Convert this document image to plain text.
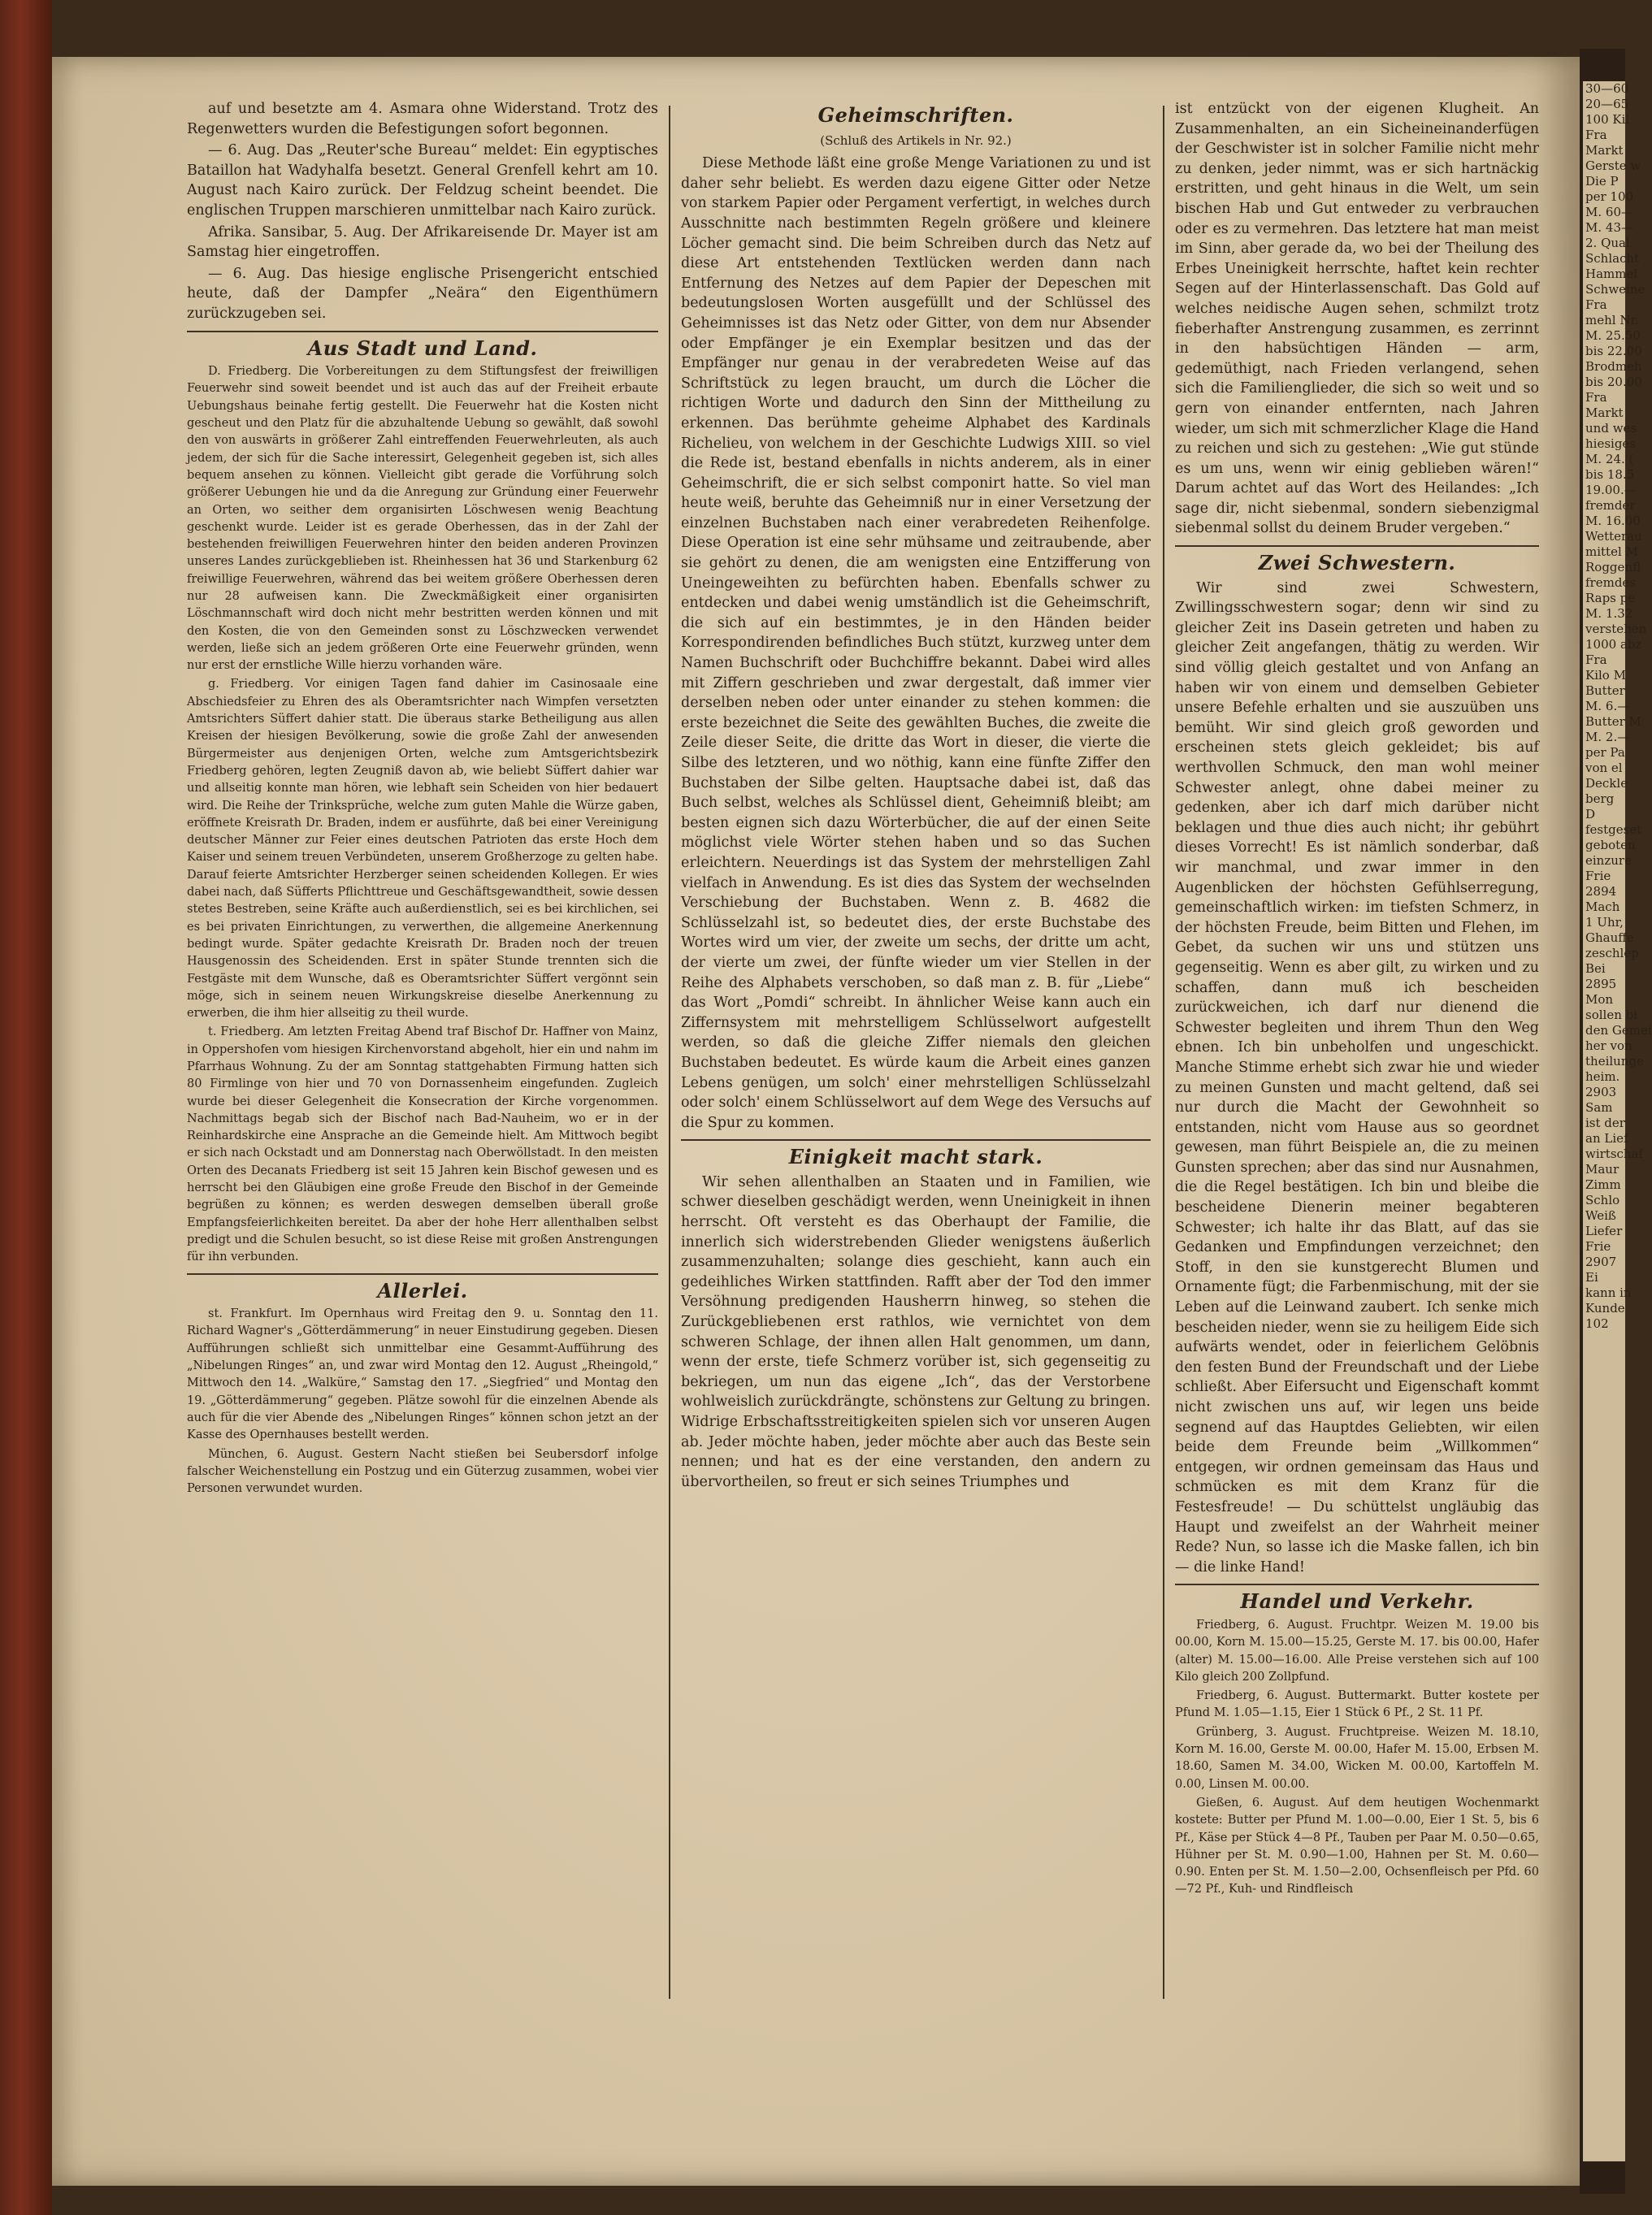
30—60
20—65
100 Kil
Fra
Markt
Gerste w
Die P
per 100
M. 60—
M. 43—
2. Qual
Schlacht
Hammel
Schweine
Fra
mehl Nr.
M. 25.50
bis 22.00
Brodmeh
bis 20.00
Fra
Markt
und wes
hiesiges
M. 24. (
bis 18.5
19.00.—
fremder
M. 16.00
Wetterau
mittel M
Roggenfl
fremdes
Raps pe
M. 1.32
verstehen
1000 abz
Fra
Kilo M
Butter
M. 6.—
Butter M
M. 2.—
per Pa
von el
Deckle
berg
D
festgeset
geboten
einzure
Frie
2894
Mach
1 Uhr,
Ghauffe
zeschlep
Bei
2895
Mon
sollen bi
den Gemei
her von
theilunge
heim.
2903
Sam
ist der
an Lief
wirtschaf
Maur
Zimm
Schlo
Weiß
Liefer
Frie
2907
Ei
kann in
Kunde
102

auf und besetzte am 4. Asmara ohne Widerstand. Trotz des Regenwetters wurden die Befestigungen sofort begonnen.

— 6. Aug. Das „Reuter'sche Bureau“ meldet: Ein egyptisches Bataillon hat Wadyhalfa besetzt. General Grenfell kehrt am 10. August nach Kairo zurück. Der Feldzug scheint beendet. Die englischen Truppen marschieren unmittelbar nach Kairo zurück.

Afrika. Sansibar, 5. Aug. Der Afrikareisende Dr. Mayer ist am Samstag hier eingetroffen.

— 6. Aug. Das hiesige englische Prisengericht entschied heute, daß der Dampfer „Neära“ den Eigenthümern zurückzugeben sei.

Aus Stadt und Land.

D. Friedberg. Die Vorbereitungen zu dem Stiftungsfest der freiwilligen Feuerwehr sind soweit beendet und ist auch das auf der Freiheit erbaute Uebungshaus beinahe fertig gestellt. Die Feuerwehr hat die Kosten nicht gescheut und den Platz für die abzuhaltende Uebung so gewählt, daß sowohl den von auswärts in größerer Zahl eintreffenden Feuerwehrleuten, als auch jedem, der sich für die Sache interessirt, Gelegenheit gegeben ist, sich alles bequem ansehen zu können. Vielleicht gibt gerade die Vorführung solch größerer Uebungen hie und da die Anregung zur Gründung einer Feuerwehr an Orten, wo seither dem organisirten Löschwesen wenig Beachtung geschenkt wurde. Leider ist es gerade Oberhessen, das in der Zahl der bestehenden freiwilligen Feuerwehren hinter den beiden anderen Provinzen unseres Landes zurückgeblieben ist. Rheinhessen hat 36 und Starkenburg 62 freiwillige Feuerwehren, während das bei weitem größere Oberhessen deren nur 28 aufweisen kann. Die Zweckmäßigkeit einer organisirten Löschmannschaft wird doch nicht mehr bestritten werden können und mit den Kosten, die von den Gemeinden sonst zu Löschzwecken verwendet werden, ließe sich an jedem größeren Orte eine Feuerwehr gründen, wenn nur erst der ernstliche Wille hierzu vorhanden wäre.

g. Friedberg. Vor einigen Tagen fand dahier im Casinosaale eine Abschiedsfeier zu Ehren des als Oberamtsrichter nach Wimpfen versetzten Amtsrichters Süffert dahier statt. Die überaus starke Betheiligung aus allen Kreisen der hiesigen Bevölkerung, sowie die große Zahl der anwesenden Bürgermeister aus denjenigen Orten, welche zum Amtsgerichtsbezirk Friedberg gehören, legten Zeugniß davon ab, wie beliebt Süffert dahier war und allseitig konnte man hören, wie lebhaft sein Scheiden von hier bedauert wird. Die Reihe der Trinksprüche, welche zum guten Mahle die Würze gaben, eröffnete Kreisrath Dr. Braden, indem er ausführte, daß bei einer Vereinigung deutscher Männer zur Feier eines deutschen Patrioten das erste Hoch dem Kaiser und seinem treuen Verbündeten, unserem Großherzoge zu gelten habe. Darauf feierte Amtsrichter Herzberger seinen scheidenden Kollegen. Er wies dabei nach, daß Süfferts Pflichttreue und Geschäftsgewandtheit, sowie dessen stetes Bestreben, seine Kräfte auch außerdienstlich, sei es bei kirchlichen, sei es bei privaten Einrichtungen, zu verwerthen, die allgemeine Anerkennung bedingt wurde. Später gedachte Kreisrath Dr. Braden noch der treuen Hausgenossin des Scheidenden. Erst in später Stunde trennten sich die Festgäste mit dem Wunsche, daß es Oberamtsrichter Süffert vergönnt sein möge, sich in seinem neuen Wirkungskreise dieselbe Anerkennung zu erwerben, die ihm hier allseitig zu theil wurde.

t. Friedberg. Am letzten Freitag Abend traf Bischof Dr. Haffner von Mainz, in Oppershofen vom hiesigen Kirchenvorstand abgeholt, hier ein und nahm im Pfarrhaus Wohnung. Zu der am Sonntag stattgehabten Firmung hatten sich 80 Firmlinge von hier und 70 von Dornassenheim eingefunden. Zugleich wurde bei dieser Gelegenheit die Konsecration der Kirche vorgenommen. Nachmittags begab sich der Bischof nach Bad-Nauheim, wo er in der Reinhardskirche eine Ansprache an die Gemeinde hielt. Am Mittwoch begibt er sich nach Ockstadt und am Donnerstag nach Oberwöllstadt. In den meisten Orten des Decanats Friedberg ist seit 15 Jahren kein Bischof gewesen und es herrscht bei den Gläubigen eine große Freude den Bischof in der Gemeinde begrüßen zu können; es werden deswegen demselben überall große Empfangsfeierlichkeiten bereitet. Da aber der hohe Herr allenthalben selbst predigt und die Schulen besucht, so ist diese Reise mit großen Anstrengungen für ihn verbunden.

Allerlei.

st. Frankfurt. Im Opernhaus wird Freitag den 9. u. Sonntag den 11. Richard Wagner's „Götterdämmerung“ in neuer Einstudirung gegeben. Diesen Aufführungen schließt sich unmittelbar eine Gesammt-Aufführung des „Nibelungen Ringes“ an, und zwar wird Montag den 12. August „Rheingold,“ Mittwoch den 14. „Walküre,“ Samstag den 17. „Siegfried“ und Montag den 19. „Götterdämmerung“ gegeben. Plätze sowohl für die einzelnen Abende als auch für die vier Abende des „Nibelungen Ringes“ können schon jetzt an der Kasse des Opernhauses bestellt werden.

München, 6. August. Gestern Nacht stießen bei Seubersdorf infolge falscher Weichenstellung ein Postzug und ein Güterzug zusammen, wobei vier Personen verwundet wurden.

Geheimschriften.
(Schluß des Artikels in Nr. 92.)

Diese Methode läßt eine große Menge Variationen zu und ist daher sehr beliebt. Es werden dazu eigene Gitter oder Netze von starkem Papier oder Pergament verfertigt, in welches durch Ausschnitte nach bestimmten Regeln größere und kleinere Löcher gemacht sind. Die beim Schreiben durch das Netz auf diese Art entstehenden Textlücken werden dann nach Entfernung des Netzes auf dem Papier der Depeschen mit bedeutungslosen Worten ausgefüllt und der Schlüssel des Geheimnisses ist das Netz oder Gitter, von dem nur Absender oder Empfänger je ein Exemplar besitzen und das der Empfänger nur genau in der verabredeten Weise auf das Schriftstück zu legen braucht, um durch die Löcher die richtigen Worte und dadurch den Sinn der Mittheilung zu erkennen. Das berühmte geheime Alphabet des Kardinals Richelieu, von welchem in der Geschichte Ludwigs XIII. so viel die Rede ist, bestand ebenfalls in nichts anderem, als in einer Geheimschrift, die er sich selbst componirt hatte. So viel man heute weiß, beruhte das Geheimniß nur in einer Versetzung der einzelnen Buchstaben nach einer verabredeten Reihenfolge. Diese Operation ist eine sehr mühsame und zeitraubende, aber sie gehört zu denen, die am wenigsten eine Entzifferung von Uneingeweihten zu befürchten haben. Ebenfalls schwer zu entdecken und dabei wenig umständlich ist die Geheimschrift, die sich auf ein bestimmtes, je in den Händen beider Korrespondirenden befindliches Buch stützt, kurzweg unter dem Namen Buchschrift oder Buchchiffre bekannt. Dabei wird alles mit Ziffern geschrieben und zwar dergestalt, daß immer vier derselben neben oder unter einander zu stehen kommen: die erste bezeichnet die Seite des gewählten Buches, die zweite die Zeile dieser Seite, die dritte das Wort in dieser, die vierte die Silbe des letzteren, und wo nöthig, kann eine fünfte Ziffer den Buchstaben der Silbe gelten. Hauptsache dabei ist, daß das Buch selbst, welches als Schlüssel dient, Geheimniß bleibt; am besten eignen sich dazu Wörterbücher, die auf der einen Seite möglichst viele Wörter stehen haben und so das Suchen erleichtern. Neuerdings ist das System der mehrstelligen Zahl vielfach in Anwendung. Es ist dies das System der wechselnden Verschiebung der Buchstaben. Wenn z. B. 4682 die Schlüsselzahl ist, so bedeutet dies, der erste Buchstabe des Wortes wird um vier, der zweite um sechs, der dritte um acht, der vierte um zwei, der fünfte wieder um vier Stellen in der Reihe des Alphabets verschoben, so daß man z. B. für „Liebe“ das Wort „Pomdi“ schreibt. In ähnlicher Weise kann auch ein Ziffernsystem mit mehrstelligem Schlüsselwort aufgestellt werden, so daß die gleiche Ziffer niemals den gleichen Buchstaben bedeutet. Es würde kaum die Arbeit eines ganzen Lebens genügen, um solch' einer mehrstelligen Schlüsselzahl oder solch' einem Schlüsselwort auf dem Wege des Versuchs auf die Spur zu kommen.

Einigkeit macht stark.

Wir sehen allenthalben an Staaten und in Familien, wie schwer dieselben geschädigt werden, wenn Uneinigkeit in ihnen herrscht. Oft versteht es das Oberhaupt der Familie, die innerlich sich widerstrebenden Glieder wenigstens äußerlich zusammenzuhalten; solange dies geschieht, kann auch ein gedeihliches Wirken stattfinden. Rafft aber der Tod den immer Versöhnung predigenden Hausherrn hinweg, so stehen die Zurückgebliebenen erst rathlos, wie vernichtet von dem schweren Schlage, der ihnen allen Halt genommen, um dann, wenn der erste, tiefe Schmerz vorüber ist, sich gegenseitig zu bekriegen, um nun das eigene „Ich“, das der Verstorbene wohlweislich zurückdrängte, schönstens zur Geltung zu bringen. Widrige Erbschaftsstreitigkeiten spielen sich vor unseren Augen ab. Jeder möchte haben, jeder möchte aber auch das Beste sein nennen; und hat es der eine verstanden, den andern zu übervortheilen, so freut er sich seines Triumphes und

ist entzückt von der eigenen Klugheit. An Zusammenhalten, an ein Sicheineinanderfügen der Geschwister ist in solcher Familie nicht mehr zu denken, jeder nimmt, was er sich hartnäckig erstritten, und geht hinaus in die Welt, um sein bischen Hab und Gut entweder zu verbrauchen oder es zu vermehren. Das letztere hat man meist im Sinn, aber gerade da, wo bei der Theilung des Erbes Uneinigkeit herrschte, haftet kein rechter Segen auf der Hinterlassenschaft. Das Gold auf welches neidische Augen sehen, schmilzt trotz fieberhafter Anstrengung zusammen, es zerrinnt in den habsüchtigen Händen — arm, gedemüthigt, nach Frieden verlangend, sehen sich die Familienglieder, die sich so weit und so gern von einander entfernten, nach Jahren wieder, um sich mit schmerzlicher Klage die Hand zu reichen und sich zu gestehen: „Wie gut stünde es um uns, wenn wir einig geblieben wären!“ Darum achtet auf das Wort des Heilandes: „Ich sage dir, nicht siebenmal, sondern siebenzigmal siebenmal sollst du deinem Bruder vergeben.“

Zwei Schwestern.

Wir sind zwei Schwestern, Zwillingsschwestern sogar; denn wir sind zu gleicher Zeit ins Dasein getreten und haben zu gleicher Zeit angefangen, thätig zu werden. Wir sind völlig gleich gestaltet und von Anfang an haben wir von einem und demselben Gebieter unsere Befehle erhalten und sie auszuüben uns bemüht. Wir sind gleich groß geworden und erscheinen stets gleich gekleidet; bis auf werthvollen Schmuck, den man wohl meiner Schwester anlegt, ohne dabei meiner zu gedenken, aber ich darf mich darüber nicht beklagen und thue dies auch nicht; ihr gebührt dieses Vorrecht! Es ist nämlich sonderbar, daß wir manchmal, und zwar immer in den Augenblicken der höchsten Gefühlserregung, gemeinschaftlich wirken: im tiefsten Schmerz, in der höchsten Freude, beim Bitten und Flehen, im Gebet, da suchen wir uns und stützen uns gegenseitig. Wenn es aber gilt, zu wirken und zu schaffen, dann muß ich bescheiden zurückweichen, ich darf nur dienend die Schwester begleiten und ihrem Thun den Weg ebnen. Ich bin unbeholfen und ungeschickt. Manche Stimme erhebt sich zwar hie und wieder zu meinen Gunsten und macht geltend, daß sei nur durch die Macht der Gewohnheit so entstanden, nicht vom Hause aus so geordnet gewesen, man führt Beispiele an, die zu meinen Gunsten sprechen; aber das sind nur Ausnahmen, die die Regel bestätigen. Ich bin und bleibe die bescheidene Dienerin meiner begabteren Schwester; ich halte ihr das Blatt, auf das sie Gedanken und Empfindungen verzeichnet; den Stoff, in den sie kunstgerecht Blumen und Ornamente fügt; die Farbenmischung, mit der sie Leben auf die Leinwand zaubert. Ich senke mich bescheiden nieder, wenn sie zu heiligem Eide sich aufwärts wendet, oder in feierlichem Gelöbnis den festen Bund der Freundschaft und der Liebe schließt. Aber Eifersucht und Eigenschaft kommt nicht zwischen uns auf, wir legen uns beide segnend auf das Hauptdes Geliebten, wir eilen beide dem Freunde beim „Willkommen“ entgegen, wir ordnen gemeinsam das Haus und schmücken es mit dem Kranz für die Festesfreude! — Du schüttelst ungläubig das Haupt und zweifelst an der Wahrheit meiner Rede? Nun, so lasse ich die Maske fallen, ich bin — die linke Hand!

Handel und Verkehr.

Friedberg, 6. August. Fruchtpr. Weizen M. 19.00 bis 00.00, Korn M. 15.00—15.25, Gerste M. 17. bis 00.00, Hafer (alter) M. 15.00—16.00. Alle Preise verstehen sich auf 100 Kilo gleich 200 Zollpfund.

Friedberg, 6. August. Buttermarkt. Butter kostete per Pfund M. 1.05—1.15, Eier 1 Stück 6 Pf., 2 St. 11 Pf.

Grünberg, 3. August. Fruchtpreise. Weizen M. 18.10, Korn M. 16.00, Gerste M. 00.00, Hafer M. 15.00, Erbsen M. 18.60, Samen M. 34.00, Wicken M. 00.00, Kartoffeln M. 0.00, Linsen M. 00.00.

Gießen, 6. August. Auf dem heutigen Wochenmarkt kostete: Butter per Pfund M. 1.00—0.00, Eier 1 St. 5, bis 6 Pf., Käse per Stück 4—8 Pf., Tauben per Paar M. 0.50—0.65, Hühner per St. M. 0.90—1.00, Hahnen per St. M. 0.60—0.90. Enten per St. M. 1.50—2.00, Ochsenfleisch per Pfd. 60—72 Pf., Kuh- und Rindfleisch
